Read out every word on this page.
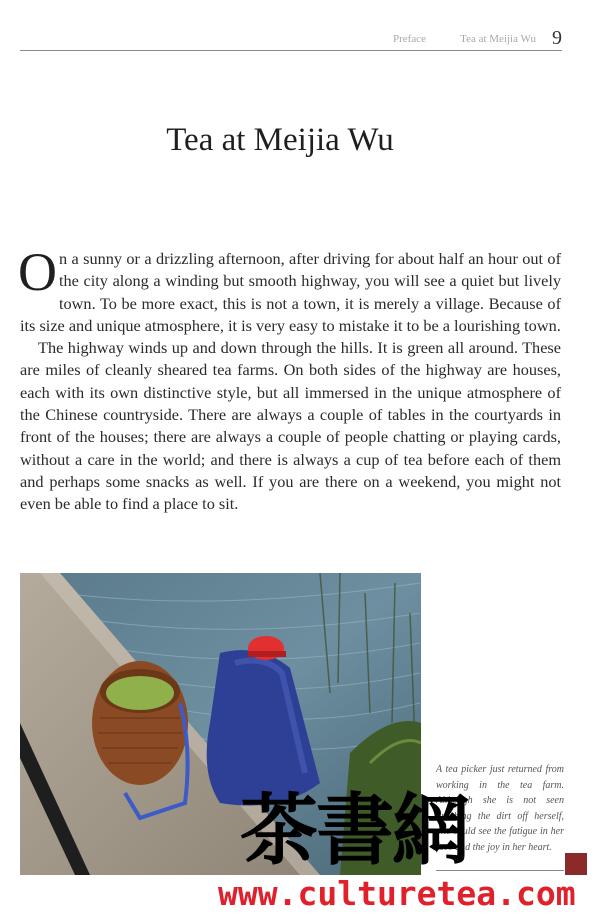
Preface	Tea at Meijia Wu 9
Tea at Meijia Wu

On a sunny or a drizzling afternoon, after driving for about half an hour out of the city along a winding but smooth highway, you will see a quiet but lively town. To be more exact, this is not a town, it is merely a village. Because of its size and unique atmosphere, it is very easy to mistake it to be a lourishing town.

The highway winds up and down through the hills. It is green all around. These are miles of cleanly sheared tea farms. On both sides of the highway are houses, each with its own distinctive style, but all immersed in the unique atmosphere of the Chinese countryside. There are always a couple of tables in the courtyards in front of the houses; there are always a couple of people chatting or playing cards, without a care in the world; and there is always a cup of tea before each of them and perhaps some snacks as well. If you are there on a weekend, you might not even be able to find a place to sit.

A tea picker just returned from working in the tea farm. Although she is not seen brushing the dirt off herself, one could see the fatigue in her face and the joy in her heart.
茶書網
www.culturetea.com
